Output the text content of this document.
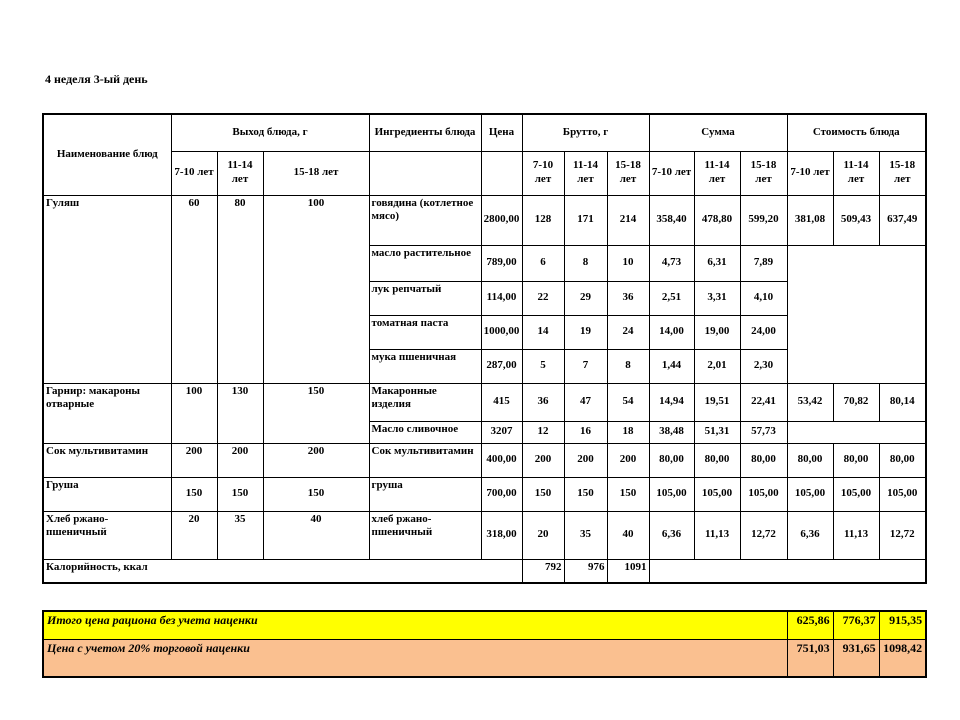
4 неделя 3-ый день
Наименование блюд	Выход блюда, г			Ингредиенты блюда	Цена	Брутто, г			Сумма			Стоимость блюда		
	7-10 лет	11-14 лет	15-18 лет			7-10 лет	11-14 лет	15-18 лет	7-10 лет	11-14 лет	15-18 лет	7-10 лет	11-14 лет	15-18 лет
Гуляш	60	80	100	говядина (котлетное мясо)	2800,00	128	171	214	358,40	478,80	599,20	381,08	509,43	637,49
				масло растительное	789,00	6	8	10	4,73	6,31	7,89			
				лук репчатый	114,00	22	29	36	2,51	3,31	4,10			
				томатная паста	1000,00	14	19	24	14,00	19,00	24,00			
				мука пшеничная	287,00	5	7	8	1,44	2,01	2,30			
Гарнир: макароны отварные	100	130	150	Макаронные изделия	415	36	47	54	14,94	19,51	22,41	53,42	70,82	80,14
				Масло сливочное	3207	12	16	18	38,48	51,31	57,73			
Сок мультивитамин	200	200	200	Сок мультивитамин	400,00	200	200	200	80,00	80,00	80,00	80,00	80,00	80,00
Груша	150	150	150	груша	700,00	150	150	150	105,00	105,00	105,00	105,00	105,00	105,00
Хлеб ржано-пшеничный	20	35	40	хлеб ржано-пшеничный	318,00	20	35	40	6,36	11,13	12,72	6,36	11,13	12,72
Калорийность, ккал						792	976	1091						
Итого цена рациона без учета наценки	625,86	776,37	915,35
Цена с учетом 20% торговой наценки	751,03	931,65	1098,42
